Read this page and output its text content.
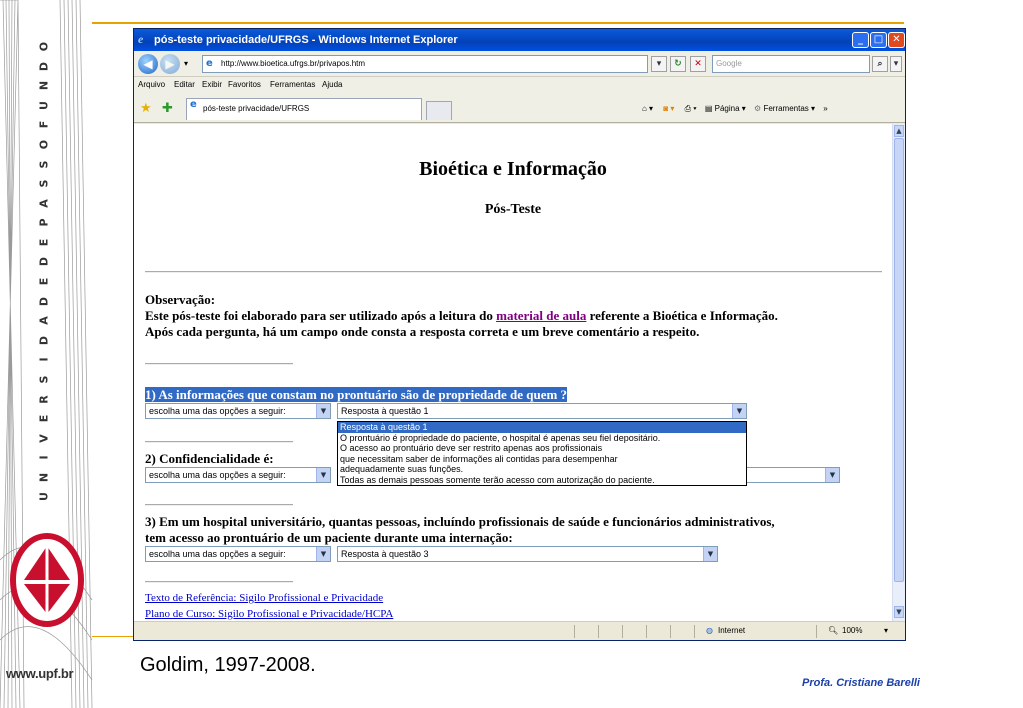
U
N
I
V
E
R
S
I
D
A
D
E
D
E
P
A
S
S
O
F
U
N
D
O
www.upf.br
e pós-teste privacidade/UFRGS - Windows Internet Explorer	_	□ ✕
◀	▶	▾ e	http://www.bioetica.ufrgs.br/privapos.htm	▾	↻	✕	Google	⌕	▾
Arquivo Editar Exibir Favoritos Ferramentas Ajuda
★ ✚ e pós-teste privacidade/UFRGS	⌂ ▾ ◙ ▾ ⎙ ▾ ▤ Página ▾ ⚙ Ferramentas ▾ »
Bioética e Informação
Pós-Teste
Observação:
Este pós-teste foi elaborado para ser utilizado após a leitura do material de aula referente a Bioética e Informação.
Após cada pergunta, há um campo onde consta a resposta correta e um breve comentário a respeito.
1) As informações que constam no prontuário são de propriedade de quem ?
escolha uma das opções a seguir:	▼	Resposta à questão 1	▼
Resposta à questão 1
O prontuário é propriedade do paciente, o hospital é apenas seu fiel depositário.
O acesso ao prontuário deve ser restrito apenas aos profissionais
que necessitam saber de informações ali contidas para desempenhar
adequadamente suas funções.
Todas as demais pessoas somente terão acesso com autorização do paciente.
2) Confidencialidade é:
escolha uma das opções a seguir:	▼	▼
3) Em um hospital universitário, quantas pessoas, incluíndo profissionais de saúde e funcionários administrativos,
tem acesso ao prontuário de um paciente durante uma internação:
escolha uma das opções a seguir:	▼	Resposta à questão 3	▼
Texto de Referência: Sigilo Profissional e Privacidade
Plano de Curso: Sigilo Profissional e Privacidade/HCPA
▲
▼
◍ Internet	🔍︎ 100%	▾
Goldim, 1997-2008.
Profa. Cristiane Barelli
